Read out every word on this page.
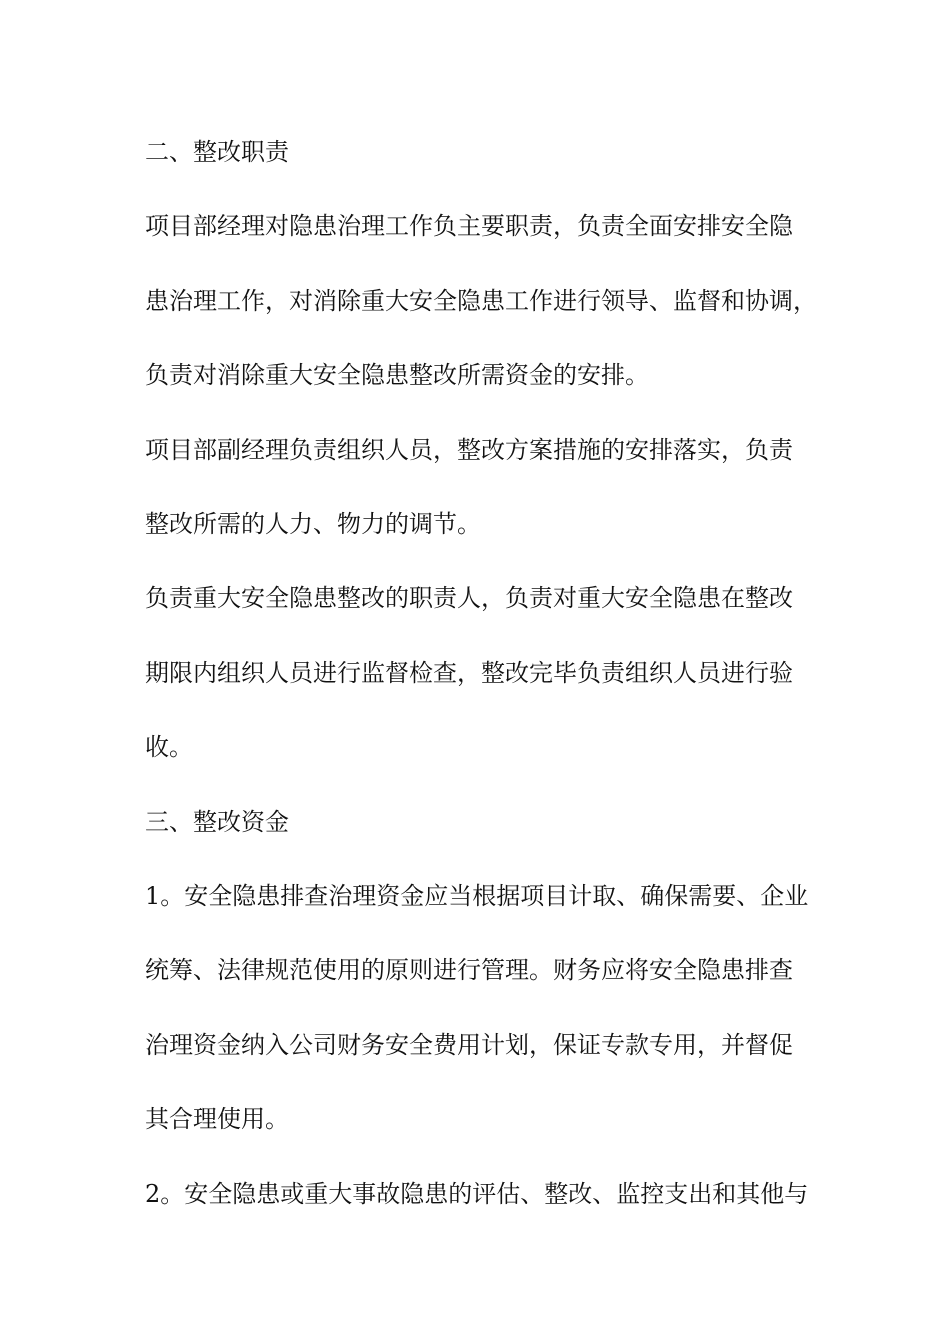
二、整改职责

项目部经理对隐患治理工作负主要职责，负责全面安排安全隐

患治理工作，对消除重大安全隐患工作进行领导、监督和协调，

负责对消除重大安全隐患整改所需资金的安排。

项目部副经理负责组织人员，整改方案措施的安排落实，负责

整改所需的人力、物力的调节。

负责重大安全隐患整改的职责人，负责对重大安全隐患在整改

期限内组织人员进行监督检查，整改完毕负责组织人员进行验

收。

三、整改资金

1。安全隐患排查治理资金应当根据项目计取、确保需要、企业

统筹、法律规范使用的原则进行管理。财务应将安全隐患排查

治理资金纳入公司财务安全费用计划，保证专款专用，并督促

其合理使用。

2。安全隐患或重大事故隐患的评估、整改、监控支出和其他与
